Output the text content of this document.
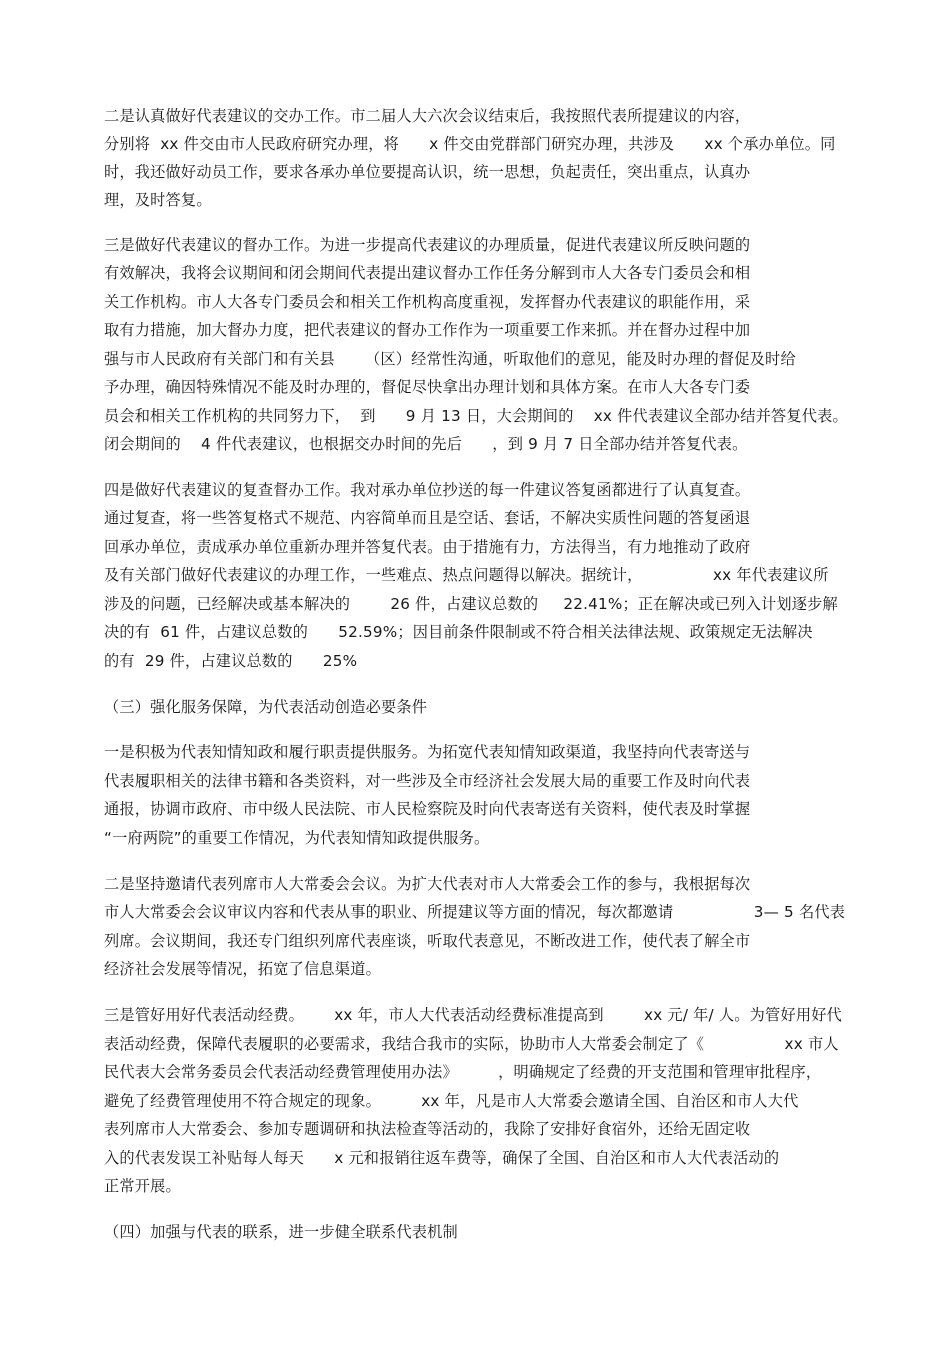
二是认真做好代表建议的交办工作。市二届人大六次会议结束后，我按照代表所提建议的内容，
分别将  xx 件交由市人民政府研究办理，将      x 件交由党群部门研究办理，共涉及      xx 个承办单位。同
时，我还做好动员工作，要求各承办单位要提高认识，统一思想，负起责任，突出重点，认真办
理，及时答复。
三是做好代表建议的督办工作。为进一步提高代表建议的办理质量，促进代表建议所反映问题的
有效解决，我将会议期间和闭会期间代表提出建议督办工作任务分解到市人大各专门委员会和相
关工作机构。市人大各专门委员会和相关工作机构高度重视，发挥督办代表建议的职能作用，采
取有力措施，加大督办力度，把代表建议的督办工作作为一项重要工作来抓。并在督办过程中加
强与市人民政府有关部门和有关县      （区）经常性沟通，听取他们的意见，能及时办理的督促及时给
予办理，确因特殊情况不能及时办理的，督促尽快拿出办理计划和具体方案。在市人大各专门委
员会和相关工作机构的共同努力下，  到      9 月 13 日，大会期间的    xx 件代表建议全部办结并答复代表。
闭会期间的    4 件代表建议，也根据交办时间的先后      ，到 9 月 7 日全部办结并答复代表。
四是做好代表建议的复查督办工作。我对承办单位抄送的每一件建议答复函都进行了认真复查。
通过复查，将一些答复格式不规范、内容简单而且是空话、套话，不解决实质性问题的答复函退
回承办单位，责成承办单位重新办理并答复代表。由于措施有力，方法得当，有力地推动了政府
及有关部门做好代表建议的办理工作，一些难点、热点问题得以解决。据统计，              xx 年代表建议所
涉及的问题，已经解决或基本解决的        26 件，占建议总数的     22.41%；正在解决或已列入计划逐步解
决的有  61 件，占建议总数的      52.59%；因目前条件限制或不符合相关法律法规、政策规定无法解决
的有  29 件，占建议总数的      25%
（三）强化服务保障，为代表活动创造必要条件
一是积极为代表知情知政和履行职责提供服务。为拓宽代表知情知政渠道，我坚持向代表寄送与
代表履职相关的法律书籍和各类资料，对一些涉及全市经济社会发展大局的重要工作及时向代表
通报，协调市政府、市中级人民法院、市人民检察院及时向代表寄送有关资料，使代表及时掌握
“一府两院”的重要工作情况，为代表知情知政提供服务。
二是坚持邀请代表列席市人大常委会会议。为扩大代表对市人大常委会工作的参与，我根据每次
市人大常委会会议审议内容和代表从事的职业、所提建议等方面的情况，每次都邀请                3— 5 名代表
列席。会议期间，我还专门组织列席代表座谈，听取代表意见，不断改进工作，使代表了解全市
经济社会发展等情况，拓宽了信息渠道。
三是管好用好代表活动经费。      xx 年，市人大代表活动经费标准提高到        xx 元/ 年/ 人。为管好用好代
表活动经费，保障代表履职的必要需求，我结合我市的实际，协助市人大常委会制定了《                xx 市人
民代表大会常务委员会代表活动经费管理使用办法》        ，明确规定了经费的开支范围和管理审批程序，
避免了经费管理使用不符合规定的现象。        xx 年，凡是市人大常委会邀请全国、自治区和市人大代
表列席市人大常委会、参加专题调研和执法检查等活动的，我除了安排好食宿外，还给无固定收
入的代表发误工补贴每人每天      x 元和报销往返车费等，确保了全国、自治区和市人大代表活动的
正常开展。
（四）加强与代表的联系，进一步健全联系代表机制
